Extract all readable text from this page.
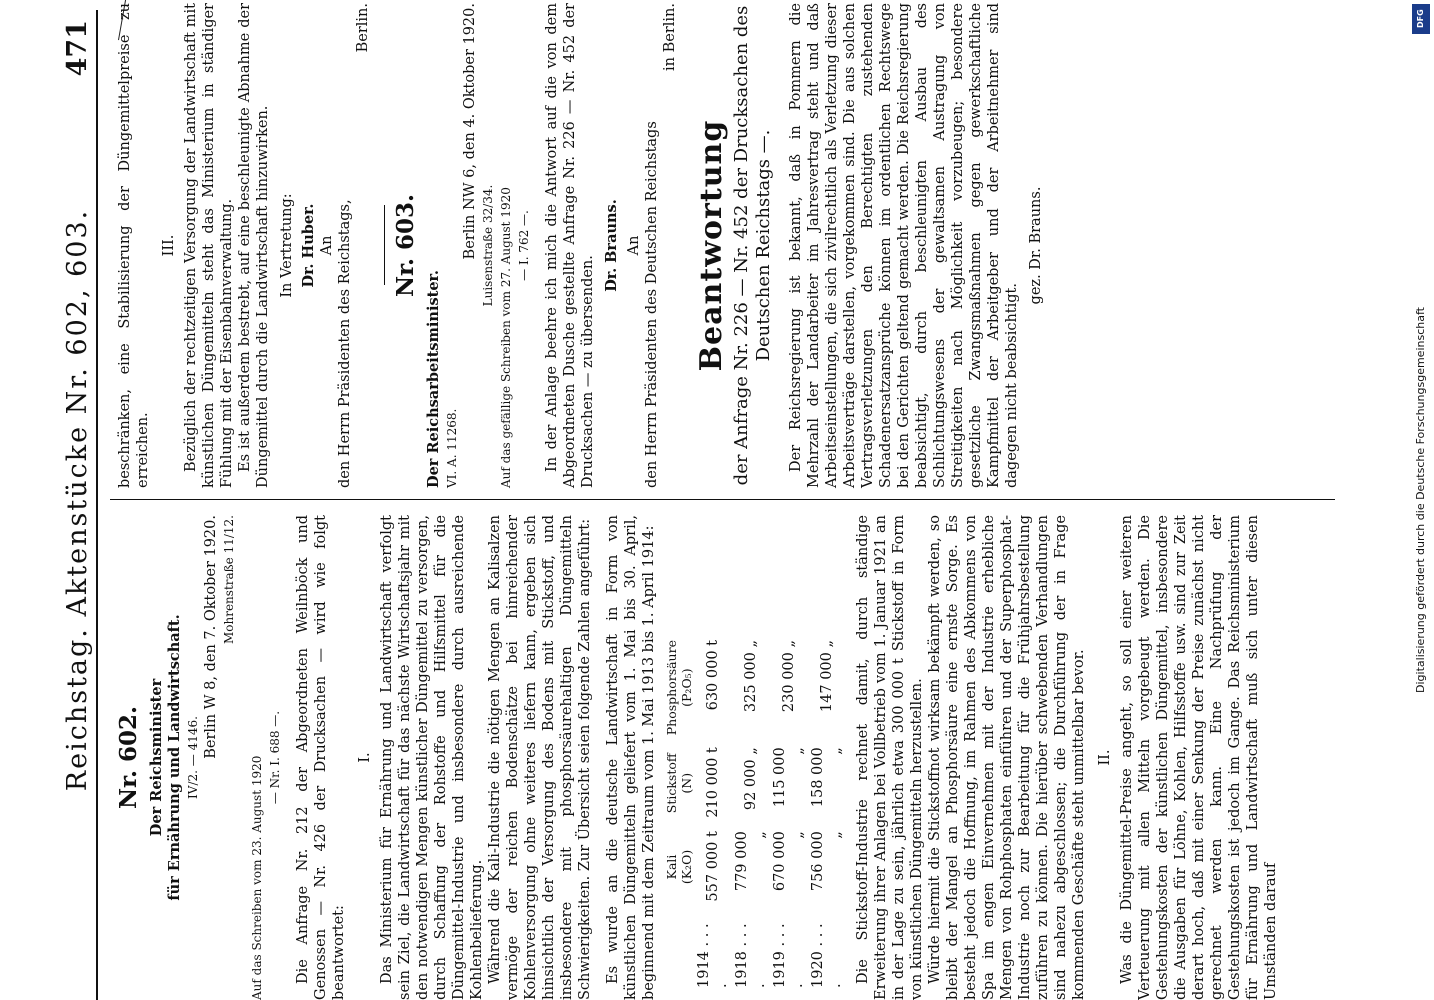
Reichstag. Aktenstücke Nr. 602, 603.
471
Nr. 602. Der Reichsminister für Ernährung und Landwirtschaft. IV/2. — 4146. Berlin W 8, den 7. Oktober 1920. Mohrenstraße 11/12.
Auf das Schreiben vom 23. August 1920 — Nr. I. 688 —. Die Anfrage Nr. 212 der Abgeordneten Weilnböck und Genossen — Nr. 426 der Drucksachen — wird wie folgt beantwortet:

I. Das Ministerium für Ernährung und Landwirtschaft verfolgt sein Ziel, die Landwirtschaft für das nächste Wirtschaftsjahr mit den notwendigen Mengen künstlicher Düngemittel zu versorgen, durch Schaffung der Rohstoffe und Hilfsmittel für die Düngemittel-Industrie und insbesondere durch ausreichende Kohlenbelieferung. Während die Kali-Industrie die nötigen Mengen an Kalisalzen vermöge der reichen Bodenschätze bei hinreichender Kohlenversorgung ohne weiteres liefern kann, ergeben sich hinsichtlich der Versorgung des Bodens mit Stickstoff, und insbesondere mit phosphorsäurehaltigen Düngemitteln Schwierigkeiten. Zur Übersicht seien folgende Zahlen angeführt: Es wurde an die deutsche Landwirtschaft in Form von künstlichen Düngemitteln geliefert vom 1. Mai bis 30. April, beginnend mit dem Zeitraum vom 1. Mai 1913 bis 1. April 1914:

	Kali
(K₂O)	Stickstoff
(N)	Phosphorsäure
(P₂O₅)
1914 . . . .	557 000 t	210 000 t	630 000 t
1918 . . . .	779 000 „	92 000 „	325 000 „
1919 . . . .	670 000 „	115 000 „	230 000 „
1920 . . . .	756 000 „	158 000 „	147 000 „ Die Stickstoff-Industrie rechnet damit, durch ständige Erweiterung ihrer Anlagen bei Vollbetrieb vom 1. Januar 1921 an in der Lage zu sein, jährlich etwa 300 000 t Stickstoff in Form von künstlichen Düngemitteln herzustellen. Würde hiermit die Stickstoffnot wirksam bekämpft werden, so bleibt der Mangel an Phosphorsäure eine ernste Sorge. Es besteht jedoch die Hoffnung, im Rahmen des Abkommens von Spa im engen Einvernehmen mit der Industrie erhebliche Mengen von Rohphosphaten einführen und der Superphosphat-Industrie noch zur Bearbeitung für die Frühjahrsbestellung zuführen zu können. Die hierüber schwebenden Verhandlungen sind nahezu abgeschlossen; die Durchführung der in Frage kommenden Geschäfte steht unmittelbar bevor. II. Was die Düngemittel-Preise angeht, so soll einer weiteren Verteuerung mit allen Mitteln vorgebeugt werden. Die Gestehungskosten der künstlichen Düngemittel, insbesondere die Ausgaben für Löhne, Kohlen, Hilfsstoffe usw. sind zur Zeit derart hoch, daß mit einer Senkung der Preise zunächst nicht gerechnet werden kann. Eine Nachprüfung der Gestehungskosten ist jedoch im Gange. Das Reichsministerium für Ernährung und Landwirtschaft muß sich unter diesen Umständen darauf

beschränken, eine Stabilisierung der Düngemittelpreise zu erreichen.

III. Bezüglich der rechtzeitigen Versorgung der Landwirtschaft mit künstlichen Düngemitteln steht das Ministerium in ständiger Fühlung mit der Eisenbahnverwaltung. Es ist außerdem bestrebt, auf eine beschleunigte Abnahme der Düngemittel durch die Landwirtschaft hinzuwirken. In Vertretung: Dr. Huber. An den Herrn Präsidenten des Reichstags,
Berlin.
Nr. 603.
Der Reichsarbeitsminister. VI. A. 11268.
Berlin NW 6, den 4. Oktober 1920. Luisenstraße 32/34. Auf das gefällige Schreiben vom 27. August 1920 — I. 762 —. In der Anlage beehre ich mich die Antwort auf die von dem Abgeordneten Dusche gestellte Anfrage Nr. 226 — Nr. 452 der Drucksachen — zu übersenden.

Dr. Brauns. An den Herrn Präsidenten des Deutschen Reichstags
in Berlin.
Beantwortung der Anfrage Nr. 226 — Nr. 452 der Drucksachen des Deutschen Reichstags —. Der Reichsregierung ist bekannt, daß in Pommern die Mehrzahl der Landarbeiter im Jahresvertrag steht und daß Arbeitseinstellungen, die sich zivilrechtlich als Verletzung dieser Arbeitsverträge darstellen, vorgekommen sind. Die aus solchen Vertragsverletzungen den Berechtigten zustehenden Schadenersatzansprüche können im ordentlichen Rechtswege bei den Gerichten geltend gemacht werden. Die Reichsregierung beabsichtigt, durch beschleunigten Ausbau des Schlichtungswesens der gewaltsamen Austragung von Streitigkeiten nach Möglichkeit vorzubeugen; besondere gesetzliche Zwangsmaßnahmen gegen gewerkschaftliche Kampfmittel der Arbeitgeber und der Arbeitnehmer sind dagegen nicht beabsichtigt.

gez. Dr. Brauns.
DFG
Digitalisierung gefördert durch die Deutsche Forschungsgemeinschaft
